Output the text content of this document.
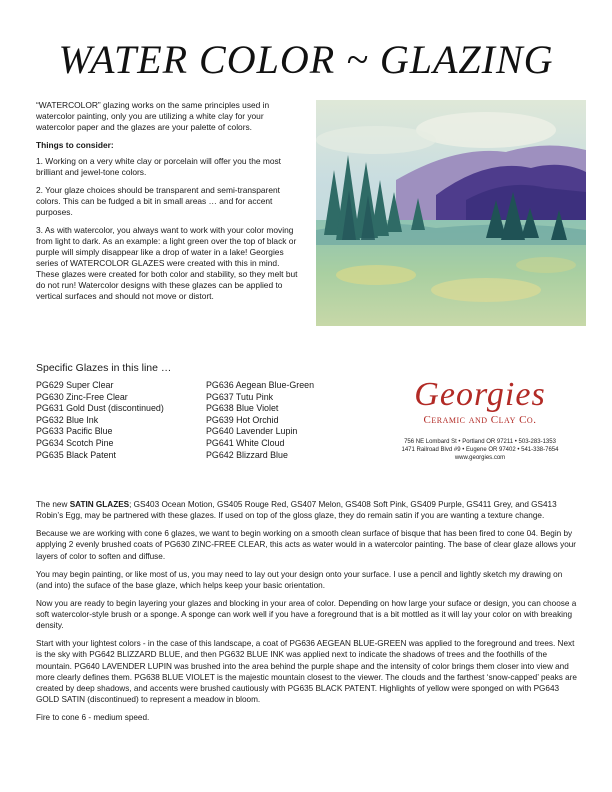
WATER COLOR ~ GLAZING

“WATERCOLOR” glazing works on the same principles used in watercolor painting, only you are utilizing a white clay for your watercolor paper and the glazes are your palette of colors.

Things to consider:

1. Working on a very white clay or porcelain will offer you the most brilliant and jewel-tone colors.

2. Your glaze choices should be transparent and semi-transparent colors. This can be fudged a bit in small areas … and for accent purposes.

3. As with watercolor, you always want to work with your color moving from light to dark. As an example: a light green over the top of black or purple will simply disappear like a drop of water in a lake! Georgies series of WATERCOLOR GLAZES were created with this in mind. These glazes were created for both color and stability, so they melt but do not run! Watercolor designs with these glazes can be applied to vertical surfaces and should not move or distort.

Specific Glazes in this line …
PG629 Super Clear
PG630 Zinc-Free Clear
PG631 Gold Dust (discontinued)
PG632 Blue Ink
PG633 Pacific Blue
PG634 Scotch Pine
PG635 Black Patent
PG636 Aegean Blue-Green
PG637 Tutu Pink
PG638 Blue Violet
PG639 Hot Orchid
PG640 Lavender Lupin
PG641 White Cloud
PG642 Blizzard Blue
Georgies
Ceramic and Clay Co.
756 NE Lombard St • Portland OR 97211 • 503-283-1353
1471 Railroad Blvd #9 • Eugene OR 97402 • 541-338-7654
www.georgies.com

The new SATIN GLAZES; GS403 Ocean Motion, GS405 Rouge Red, GS407 Melon, GS408 Soft Pink, GS409 Purple, GS411 Grey, and GS413 Robin’s Egg, may be partnered with these glazes. If used on top of the gloss glaze, they do remain satin if you are wanting a texture change.

Because we are working with cone 6 glazes, we want to begin working on a smooth clean surface of bisque that has been fired to cone 04. Begin by applying 2 evenly brushed coats of PG630 ZINC-FREE CLEAR, this acts as water would in a watercolor painting. The base of clear glaze allows your layers of color to soften and diffuse.

You may begin painting, or like most of us, you may need to lay out your design onto your surface. I use a pencil and lightly sketch my drawing on (and into) the suface of the base glaze, which helps keep your basic orientation.

Now you are ready to begin layering your glazes and blocking in your area of color. Depending on how large your suface or design, you can choose a soft watercolor-style brush or a sponge. A sponge can work well if you have a foreground that is a bit mottled as it will lay your color on with breaking density.

Start with your lightest colors - in the case of this landscape, a coat of PG636 AEGEAN BLUE-GREEN was applied to the foreground and trees. Next is the sky with PG642 BLIZZARD BLUE, and then PG632 BLUE INK was applied next to indicate the shadows of trees and the foothills of the mountain. PG640 LAVENDER LUPIN was brushed into the area behind the purple shape and the intensity of color brings them closer into view and more clearly defines them. PG638 BLUE VIOLET is the majestic mountain closest to the viewer. The clouds and the farthest ‘snow-capped’ peaks are created by deep shadows, and accents were brushed cautiously with PG635 BLACK PATENT. Highlights of yellow were sponged on with PG643 GOLD SATIN (discontinued) to represent a meadow in bloom.

Fire to cone 6 - medium speed.
